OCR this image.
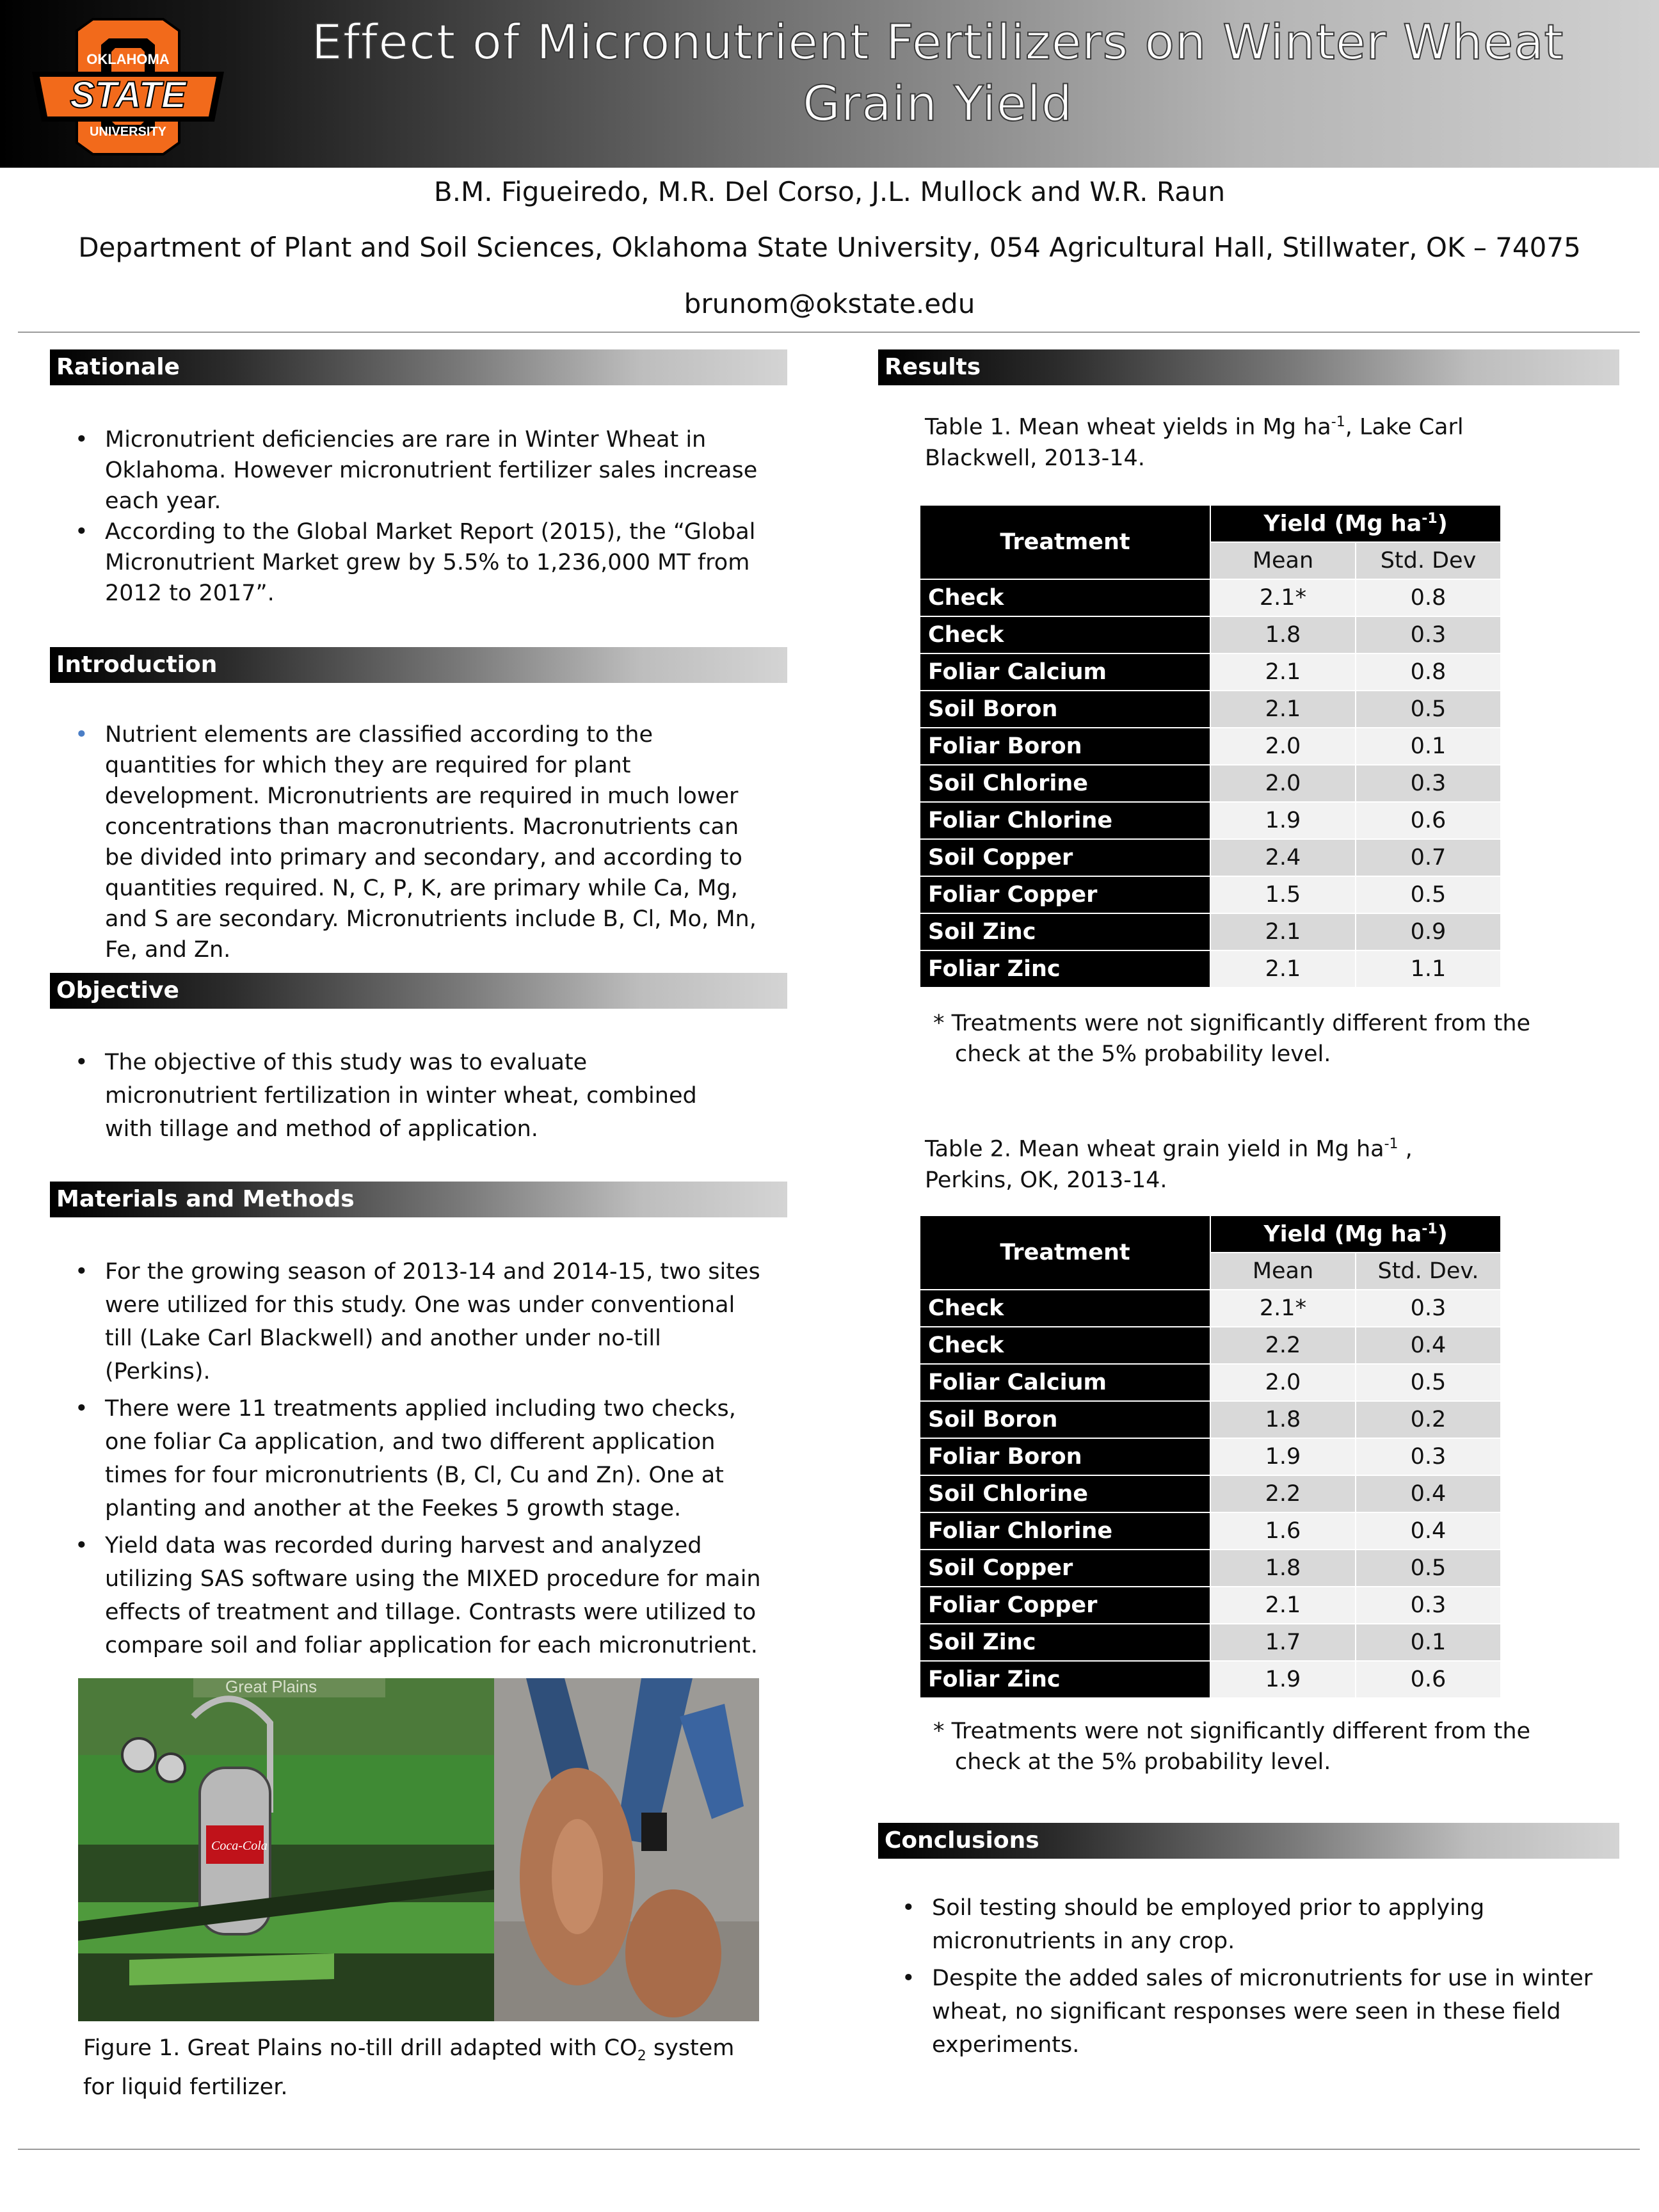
OKLAHOMA
STATE
UNIVERSITY
Effect of Micronutrient Fertilizers on Winter Wheat Grain Yield
B.M. Figueiredo, M.R. Del Corso, J.L. Mullock and W.R. Raun
Department of Plant and Soil Sciences, Oklahoma State University, 054 Agricultural Hall, Stillwater, OK – 74075
brunom@okstate.edu
Rationale
• Micronutrient deficiencies are rare in Winter Wheat in Oklahoma. However micronutrient fertilizer sales increase each year.
• According to the Global Market Report (2015), the “Global Micronutrient Market grew by 5.5% to 1,236,000 MT from 2012 to 2017”.
Introduction
• Nutrient elements are classified according to the quantities for which they are required for plant development. Micronutrients are required in much lower concentrations than macronutrients. Macronutrients can be divided into primary and secondary, and according to quantities required. N, C, P, K, are primary while Ca, Mg, and S are secondary. Micronutrients include B, Cl, Mo, Mn, Fe, and Zn.
Objective
• The objective of this study was to evaluate micronutrient fertilization in winter wheat, combined with tillage and method of application.
Materials and Methods
• For the growing season of 2013-14 and 2014-15, two sites were utilized for this study. One was under conventional till (Lake Carl Blackwell) and another under no-till (Perkins).
• There were 11 treatments applied including two checks, one foliar Ca application, and two different application times for four micronutrients (B, Cl, Cu and Zn). One at planting and another at the Feekes 5 growth stage.
• Yield data was recorded during harvest and analyzed utilizing SAS software using the MIXED procedure for main effects of treatment and tillage. Contrasts were utilized to compare soil and foliar application for each micronutrient.
Great Plains
Coca-Cola
Figure 1. Great Plains no-till drill adapted with $CO_2$ system for liquid fertilizer.
Results
Table 1. Mean wheat yields in Mg $ha^{-1}$, Lake Carl Blackwell, 2013-14.
Treatment	Yield (Mg $ha^{-1}$)	
	Mean	Std. Dev
Check	2.1*	0.8
Check	1.8	0.3
Foliar Calcium	2.1	0.8
Soil Boron	2.1	0.5
Foliar Boron	2.0	0.1
Soil Chlorine	2.0	0.3
Foliar Chlorine	1.9	0.6
Soil Copper	2.4	0.7
Foliar Copper	1.5	0.5
Soil Zinc	2.1	0.9
Foliar Zinc	2.1	1.1
* Treatments were not significantly different from the check at the 5% probability level.
Table 2. Mean wheat grain yield in Mg $ha^{-1}$ , Perkins, OK, 2013-14.
Treatment	Yield (Mg $ha^{-1}$)	
	Mean	Std. Dev.
Check	2.1*	0.3
Check	2.2	0.4
Foliar Calcium	2.0	0.5
Soil Boron	1.8	0.2
Foliar Boron	1.9	0.3
Soil Chlorine	2.2	0.4
Foliar Chlorine	1.6	0.4
Soil Copper	1.8	0.5
Foliar Copper	2.1	0.3
Soil Zinc	1.7	0.1
Foliar Zinc	1.9	0.6
* Treatments were not significantly different from the check at the 5% probability level.
Conclusions
• Soil testing should be employed prior to applying micronutrients in any crop.
• Despite the added sales of micronutrients for use in winter wheat, no significant responses were seen in these field experiments.
